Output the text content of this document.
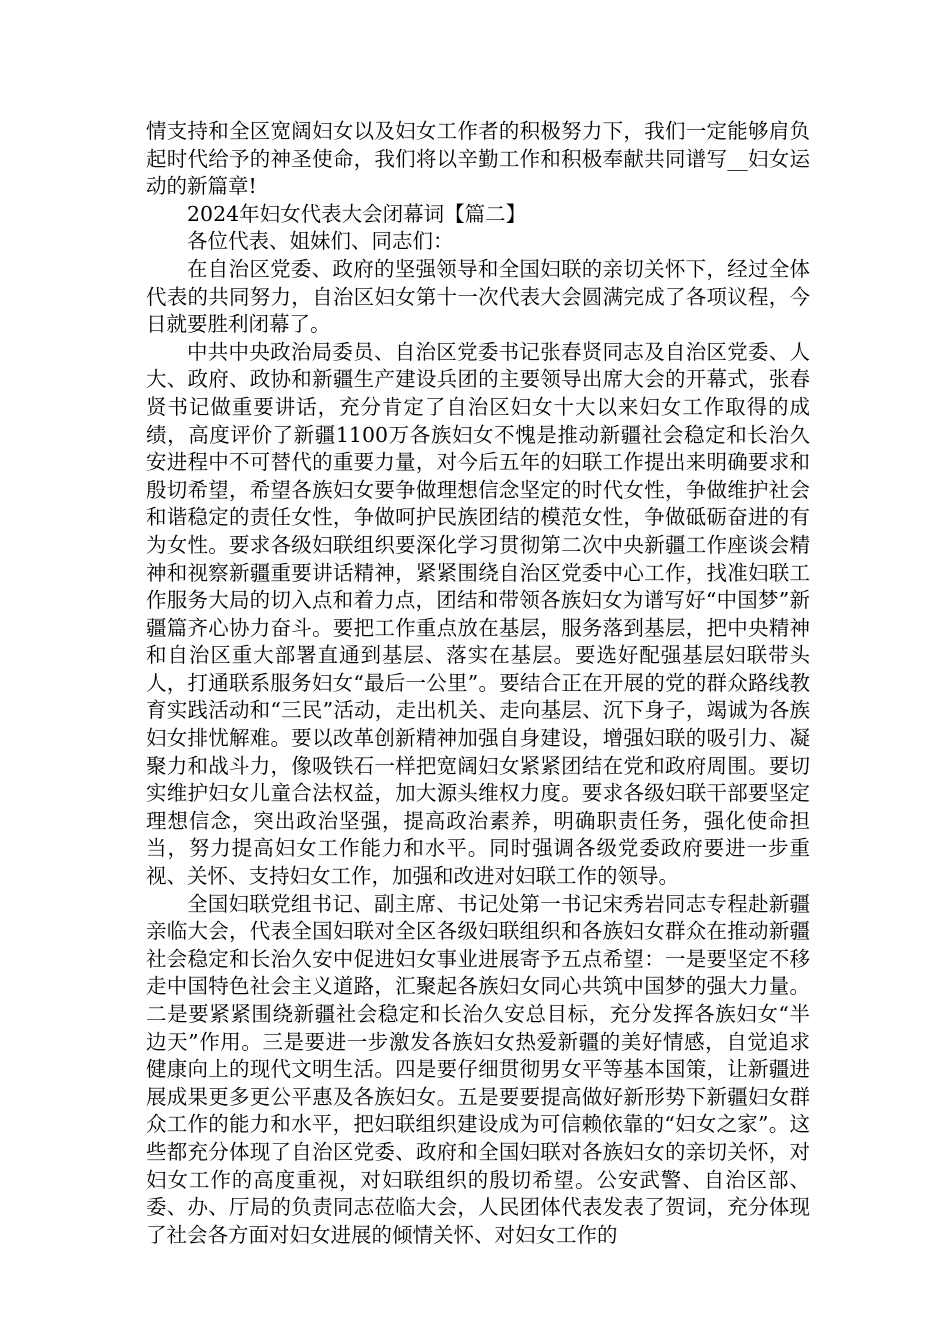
情支持和全区宽阔妇女以及妇女工作者的积极努力下，我们一定能够肩负起时代给予的神圣使命，我们将以辛勤工作和积极奉献共同谱写__妇女运动的新篇章!

2024年妇女代表大会闭幕词【篇二】

各位代表、姐妹们、同志们：

在自治区党委、政府的坚强领导和全国妇联的亲切关怀下，经过全体代表的共同努力，自治区妇女第十一次代表大会圆满完成了各项议程，今日就要胜利闭幕了。

中共中央政治局委员、自治区党委书记张春贤同志及自治区党委、人大、政府、政协和新疆生产建设兵团的主要领导出席大会的开幕式，张春贤书记做重要讲话，充分肯定了自治区妇女十大以来妇女工作取得的成绩，高度评价了新疆1100万各族妇女不愧是推动新疆社会稳定和长治久安进程中不可替代的重要力量，对今后五年的妇联工作提出来明确要求和殷切希望，希望各族妇女要争做理想信念坚定的时代女性，争做维护社会和谐稳定的责任女性，争做呵护民族团结的模范女性，争做砥砺奋进的有为女性。要求各级妇联组织要深化学习贯彻第二次中央新疆工作座谈会精神和视察新疆重要讲话精神，紧紧围绕自治区党委中心工作，找准妇联工作服务大局的切入点和着力点，团结和带领各族妇女为谱写好“中国梦”新疆篇齐心协力奋斗。要把工作重点放在基层，服务落到基层，把中央精神和自治区重大部署直通到基层、落实在基层。要选好配强基层妇联带头人，打通联系服务妇女“最后一公里”。要结合正在开展的党的群众路线教育实践活动和“三民”活动，走出机关、走向基层、沉下身子，竭诚为各族妇女排忧解难。要以改革创新精神加强自身建设，增强妇联的吸引力、凝聚力和战斗力，像吸铁石一样把宽阔妇女紧紧团结在党和政府周围。要切实维护妇女儿童合法权益，加大源头维权力度。要求各级妇联干部要坚定理想信念，突出政治坚强，提高政治素养，明确职责任务，强化使命担当，努力提高妇女工作能力和水平。同时强调各级党委政府要进一步重视、关怀、支持妇女工作，加强和改进对妇联工作的领导。

全国妇联党组书记、副主席、书记处第一书记宋秀岩同志专程赴新疆亲临大会，代表全国妇联对全区各级妇联组织和各族妇女群众在推动新疆社会稳定和长治久安中促进妇女事业进展寄予五点希望：一是要坚定不移走中国特色社会主义道路，汇聚起各族妇女同心共筑中国梦的强大力量。二是要紧紧围绕新疆社会稳定和长治久安总目标，充分发挥各族妇女“半边天”作用。三是要进一步激发各族妇女热爱新疆的美好情感，自觉追求健康向上的现代文明生活。四是要仔细贯彻男女平等基本国策，让新疆进展成果更多更公平惠及各族妇女。五是要要提高做好新形势下新疆妇女群众工作的能力和水平，把妇联组织建设成为可信赖依靠的“妇女之家”。这些都充分体现了自治区党委、政府和全国妇联对各族妇女的亲切关怀，对妇女工作的高度重视，对妇联组织的殷切希望。公安武警、自治区部、委、办、厅局的负责同志莅临大会，人民团体代表发表了贺词，充分体现了社会各方面对妇女进展的倾情关怀、对妇女工作的
